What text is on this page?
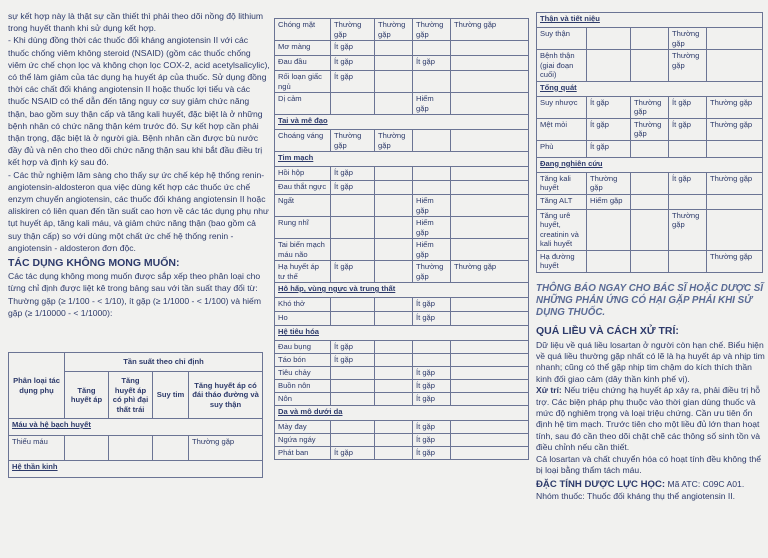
sự kết hợp này là thật sự cần thiết thì phải theo dõi nồng độ lithium trong huyết thanh khi sử dụng kết hợp.

- Khi dùng đồng thời các thuốc đối kháng angiotensin II với các thuốc chống viêm không steroid (NSAID) (gồm các thuốc chống viêm ức chế chọn lọc và không chọn lọc COX-2, acid acetylsalicylic), có thể làm giảm của tác dụng hạ huyết áp của thuốc. Sử dụng đồng thời các chất đối kháng angiotensin II hoặc thuốc lợi tiểu và các thuốc NSAID có thể dẫn đến tăng nguy cơ suy giảm chức năng thận, bao gồm suy thận cấp và tăng kali huyết, đặc biệt là ở những bệnh nhân có chức năng thận kém trước đó. Sự kết hợp cần phải thận trọng, đặc biệt là ở người già. Bệnh nhân cần được bù nước đầy đủ và nên cho theo dõi chức năng thận sau khi bắt đầu điều trị kết hợp và định kỳ sau đó.

- Các thử nghiệm lâm sàng cho thấy sự ức chế kép hệ thống renin-angiotensin-aldosteron qua việc dùng kết hợp các thuốc ức chế enzym chuyển angiotensin, các thuốc đối kháng angiotensin II hoặc aliskiren có liên quan đến tần suất cao hơn về các tác dụng phụ như tụt huyết áp, tăng kali máu, và giảm chức năng thận (bao gồm cả suy thận cấp) so với dùng một chất ức chế hệ thống renin - angiotensin - aldosteron đơn độc.

TÁC DỤNG KHÔNG MONG MUỐN:

Các tác dụng không mong muốn được sắp xếp theo phân loại cho từng chỉ định được liệt kê trong bảng sau với tần suất thay đổi từ: Thường gặp (≥ 1/100 - < 1/10), ít gặp (≥ 1/1000 - < 1/100) và hiếm gặp (≥ 1/10000 - < 1/1000):

Phân loại tác dụng phụ	Tần suất theo chỉ định			
	Tăng huyết áp	Tăng huyết áp có phì đại thất trái	Suy tim	Tăng huyết áp có đái tháo đường và suy thận
Máu và hệ bạch huyết				
Thiếu máu				Thường gặp
Hệ thần kinh				
Chóng mặt	Thường gặp	Thường gặp	Thường gặp	Thường gặp
Mơ màng	Ít gặp			
Đau đầu	Ít gặp		Ít gặp	
Rối loạn giấc ngủ	Ít gặp			
Dị cảm			Hiếm gặp	
Tai và mê đạo				
Choáng váng	Thường gặp	Thường gặp		
Tim mạch				
Hồi hộp	Ít gặp			
Đau thắt ngực	Ít gặp			
Ngất			Hiếm gặp	
Rung nhĩ			Hiếm gặp	
Tai biến mạch máu não			Hiếm gặp	
Hạ huyết áp tư thế	Ít gặp		Thường gặp	Thường gặp
Hô hấp, vùng ngực và trung thất				
Khó thở			Ít gặp	
Ho			Ít gặp	
Hệ tiêu hóa				
Đau bụng	Ít gặp			
Táo bón	Ít gặp			
Tiêu chảy			Ít gặp	
Buồn nôn			Ít gặp	
Nôn			Ít gặp	
Da và mô dưới da				
Mày đay			Ít gặp	
Ngứa ngáy			Ít gặp	
Phát ban	Ít gặp		Ít gặp	
Thận và tiết niệu				
Suy thận			Thường gặp	
Bệnh thận (giai đoạn cuối)			Thường gặp	
Tổng quát				
Suy nhược	Ít gặp	Thường gặp	Ít gặp	Thường gặp
Mệt mỏi	Ít gặp	Thường gặp	Ít gặp	Thường gặp
Phù	Ít gặp			
Đang nghiên cứu				
Tăng kali huyết	Thường gặp		Ít gặp	Thường gặp
Tăng ALT	Hiếm gặp			
Tăng urê huyết, creatinin và kali huyết			Thường gặp	
Hạ đường huyết				Thường gặp
THÔNG BÁO NGAY CHO BÁC SĨ HOẶC DƯỢC SĨ NHỮNG PHẢN ỨNG CÓ HẠI GẶP PHẢI KHI SỬ DỤNG THUỐC.
QUÁ LIỀU VÀ CÁCH XỬ TRÍ:
Dữ liệu về quá liều losartan ở người còn hạn chế. Biểu hiện về quá liều thường gặp nhất có lẽ là hạ huyết áp và nhịp tim nhanh; cũng có thể gặp nhịp tim chậm do kích thích thần kinh đối giao cảm (dây thần kinh phế vị).
Xử trí: Nếu triệu chứng hạ huyết áp xảy ra, phải điều trị hỗ trợ. Các biện pháp phụ thuộc vào thời gian dùng thuốc và mức độ nghiêm trọng và loại triệu chứng. Cần ưu tiên ổn định hệ tim mạch. Trước tiên cho một liều đủ lớn than hoạt tính, sau đó cần theo dõi chặt chẽ các thông số sinh tồn và điều chỉnh nếu cần thiết.
Cả losartan và chất chuyển hóa có hoạt tính đều không thể bị loại bằng thẩm tách máu.
ĐẶC TÍNH DƯỢC LỰC HỌC: Mã ATC: C09C A01. Nhóm thuốc: Thuốc đối kháng thụ thể angiotensin II.
